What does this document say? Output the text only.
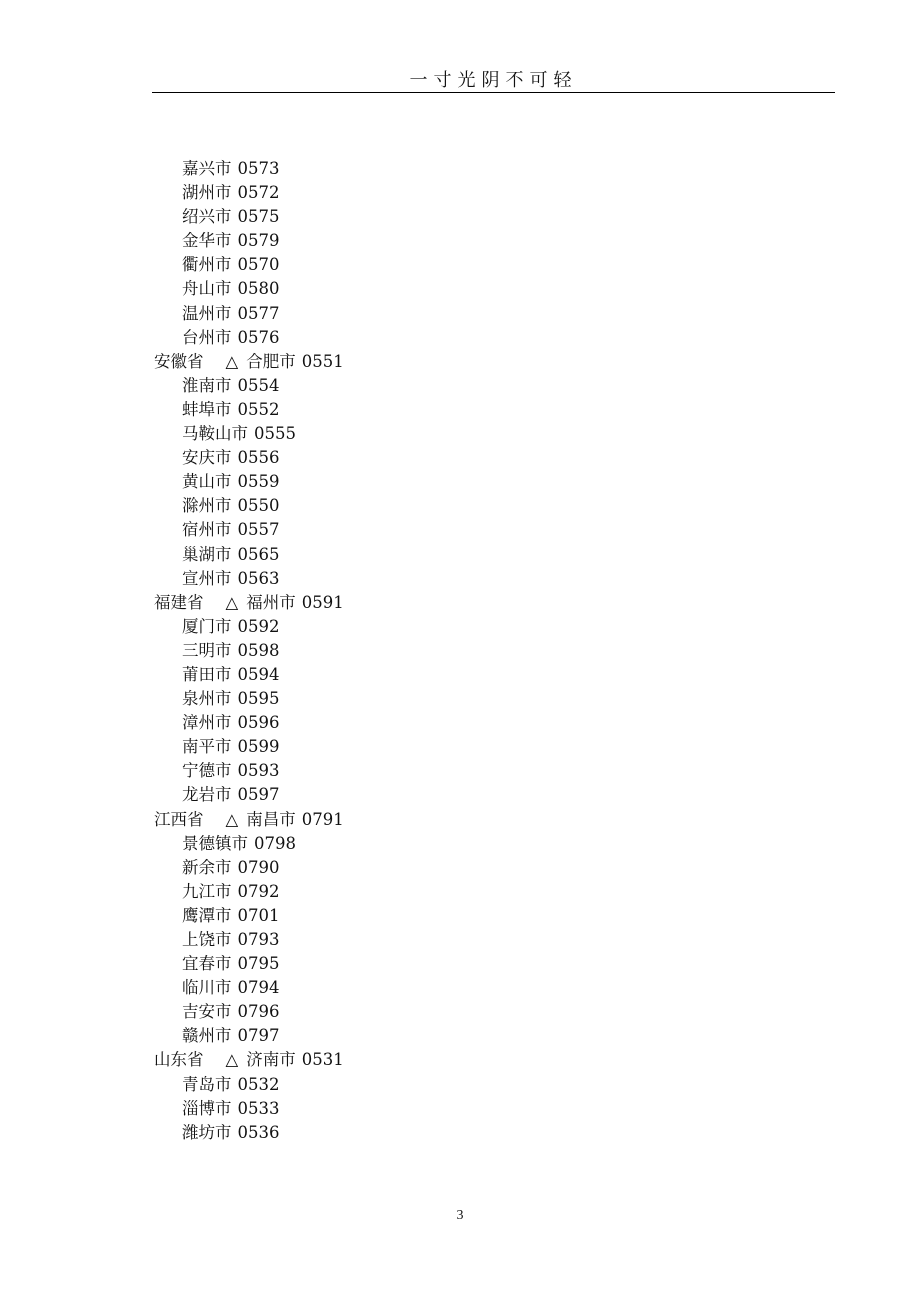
一寸光阴不可轻
嘉兴市 0573
湖州市 0572
绍兴市 0575
金华市 0579
衢州市 0570
舟山市 0580
温州市 0577
台州市 0576
安徽省 △ 合肥市 0551
淮南市 0554
蚌埠市 0552
马鞍山市 0555
安庆市 0556
黄山市 0559
滁州市 0550
宿州市 0557
巢湖市 0565
宣州市 0563
福建省 △ 福州市 0591
厦门市 0592
三明市 0598
莆田市 0594
泉州市 0595
漳州市 0596
南平市 0599
宁德市 0593
龙岩市 0597
江西省 △ 南昌市 0791
景德镇市 0798
新余市 0790
九江市 0792
鹰潭市 0701
上饶市 0793
宜春市 0795
临川市 0794
吉安市 0796
赣州市 0797
山东省 △ 济南市 0531
青岛市 0532
淄博市 0533
潍坊市 0536
3
